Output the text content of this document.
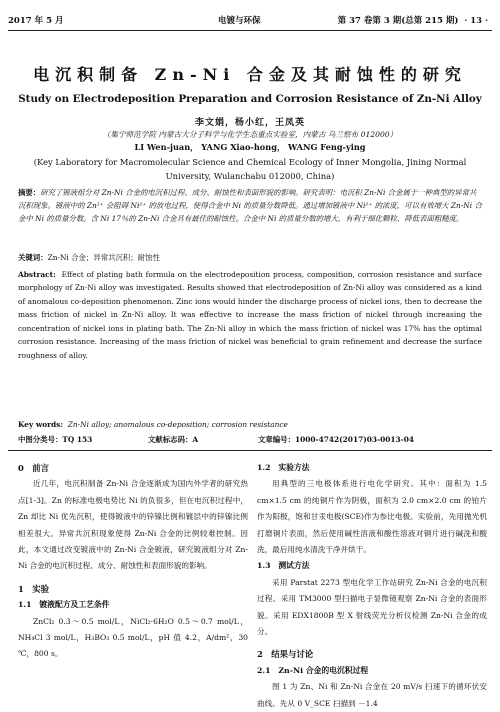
2017 年 5 月	电镀与环保	第 37 卷第 3 期(总第 215 期) · 13 ·
电沉积制备 Zn-Ni 合金及其耐蚀性的研究
Study on Electrodeposition Preparation and Corrosion Resistance of Zn-Ni Alloy
李文娟，杨小红，王凤英
（集宁师范学院 内蒙古大分子科学与化学生态重点实验室，内蒙古 乌兰察布 012000）
LI Wen-juan， YANG Xiao-hong， WANG Feng-ying
(Key Laboratory for Macromolecular Science and Chemical Ecology of Inner Mongolia, Jining Normal University, Wulanchabu 012000, China)
摘要：研究了镀液组分对 Zn-Ni 合金的电沉积过程、成分、耐蚀性和表面形貌的影响。研究表明：电沉积 Zn-Ni 合金属于一种典型的异常共沉积现象。镀液中的 Zn²⁺ 会阻碍 Ni²⁺ 的放电过程，使得合金中 Ni 的质量分数降低。通过增加镀液中 Ni²⁺ 的浓度，可以有效增大 Zn-Ni 合金中 Ni 的质量分数。含 Ni 17％的 Zn-Ni 合金具有最佳的耐蚀性。合金中 Ni 的质量分数的增大，有利于细化颗粒、降低表面粗糙度。
关键词：Zn-Ni 合金；异常共沉积；耐蚀性
Abstract: Effect of plating bath formula on the electrodeposition process, composition, corrosion resistance and surface morphology of Zn-Ni alloy was investigated. Results showed that electrodeposition of Zn-Ni alloy was considered as a kind of anomalous co-deposition phenomenon. Zinc ions would hinder the discharge process of nickel ions, then to decrease the mass friction of nickel in Zn-Ni alloy. It was effective to increase the mass friction of nickel through increasing the concentration of nickel ions in plating bath. The Zn-Ni alloy in which the mass friction of nickel was 17% has the optimal corrosion resistance. Increasing of the mass friction of nickel was beneficial to grain refinement and decrease the surface roughness of alloy.
Key words: Zn-Ni alloy; anomalous co-deposition; corrosion resistance
中图分类号：TQ 153	文献标志码：A	文章编号：1000-4742(2017)03-0013-04

0　前言

近几年，电沉积制备 Zn-Ni 合金逐渐成为国内外学者的研究热点[1-3]。Zn 的标准电极电势比 Ni 的负很多，但在电沉积过程中，Zn 却比 Ni 优先沉积，使得镀液中的锌镍比例和镀层中的锌镍比例相差很大。异常共沉积现象使得 Zn-Ni 合金的比例较难控制。因此，本文通过改变镀液中的 Zn-Ni 合金镀液，研究镀液组分对 Zn-Ni 合金的电沉积过程、成分、耐蚀性和表面形貌的影响。

1　实验

1.1　镀液配方及工艺条件

ZnCl₂ 0.3～0.5 mol/L，NiCl₂·6H₂O 0.5～0.7 mol/L，NH₄Cl 3 mol/L，H₃BO₃ 0.5 mol/L，pH 值 4.2，A/dm²，30 ℃，800 s。

1.2　实验方法

用典型的三电极体系进行电化学研究。其中：面积为 1.5 cm×1.5 cm 的纯铜片作为阴极，面积为 2.0 cm×2.0 cm 的铂片作为阳极，饱和甘汞电极(SCE)作为参比电极。实验前，先用抛光机打磨铜片表面，然后使用碱性溶液和酸性溶液对铜片进行碱洗和酸洗，最后用纯水清洗干净并烘干。

1.3　测试方法

采用 Parstat 2273 型电化学工作站研究 Zn-Ni 合金的电沉积过程。采用 TM3000 型扫描电子显微镜观察 Zn-Ni 合金的表面形貌。采用 EDX1800B 型 X 射线荧光分析仪检测 Zn-Ni 合金的成分。

2　结果与讨论

2.1　Zn-Ni 合金的电沉积过程

图 1 为 Zn、Ni 和 Zn-Ni 合金在 20 mV/s 扫速下的循环伏安曲线。先从 0 V_SCE 扫描到 －1.4
